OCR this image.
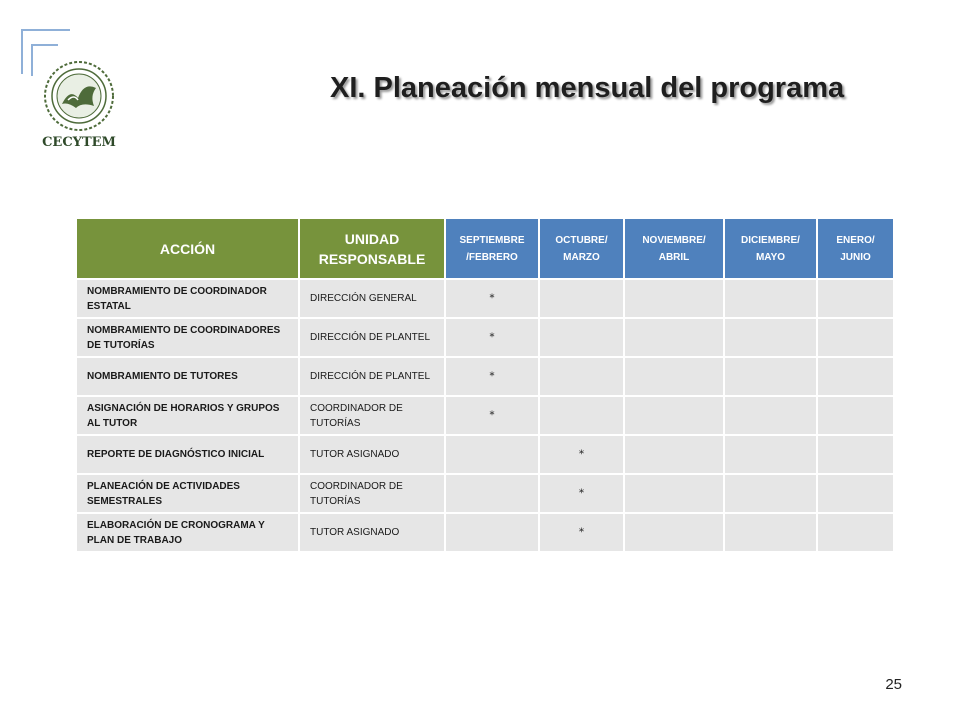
CECYTEM
XI. Planeación mensual del programa
ACCIÓN	UNIDAD RESPONSABLE	SEPTIEMBRE /FEBRERO	OCTUBRE/ MARZO	NOVIEMBRE/ ABRIL	DICIEMBRE/ MAYO	ENERO/ JUNIO
NOMBRAMIENTO DE COORDINADOR ESTATAL	DIRECCIÓN GENERAL	*				
NOMBRAMIENTO DE COORDINADORES DE TUTORÍAS	DIRECCIÓN DE PLANTEL	*				
NOMBRAMIENTO DE TUTORES	DIRECCIÓN DE PLANTEL	*				
ASIGNACIÓN DE HORARIOS Y GRUPOS AL TUTOR	COORDINADOR DE TUTORÍAS	*				
REPORTE DE DIAGNÓSTICO INICIAL	TUTOR ASIGNADO		*			
PLANEACIÓN DE ACTIVIDADES SEMESTRALES	COORDINADOR DE TUTORÍAS		*			
ELABORACIÓN DE CRONOGRAMA Y PLAN DE TRABAJO	TUTOR ASIGNADO		*			
25
